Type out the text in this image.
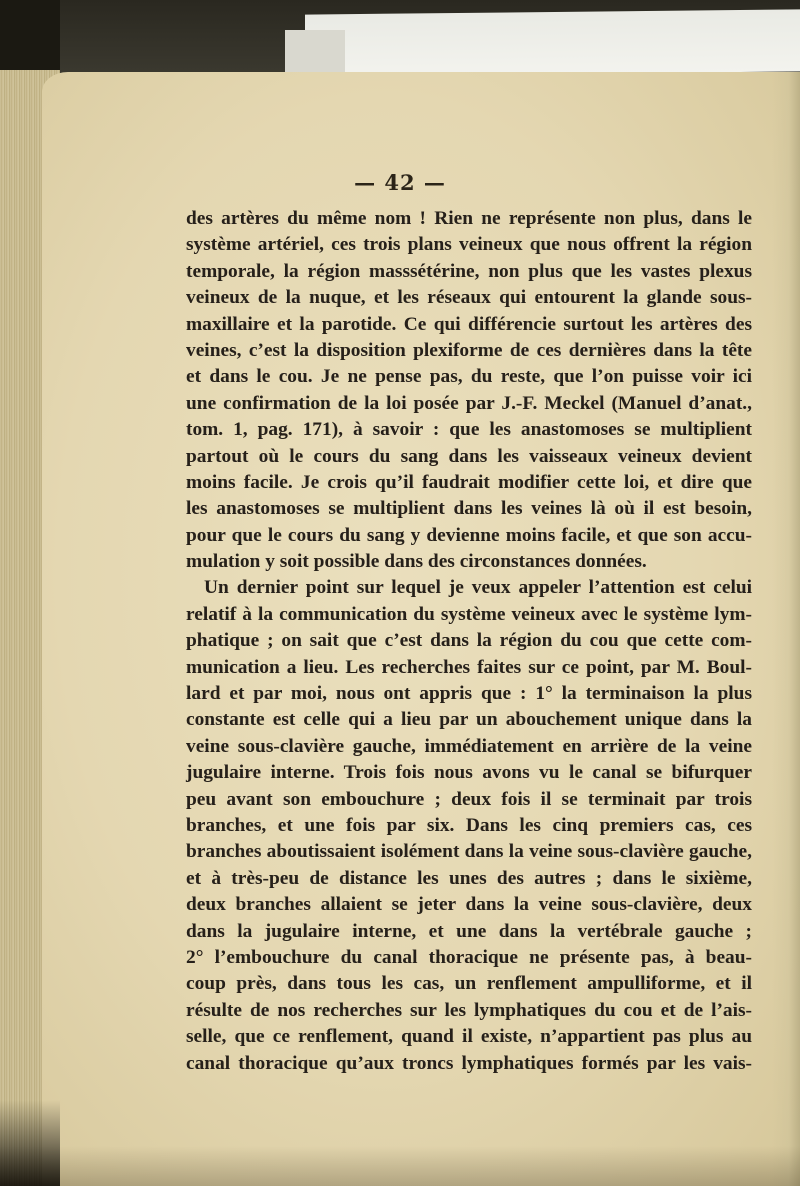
— 42 —
des artères du même nom ! Rien ne représente non plus, dans le
système artériel, ces trois plans veineux que nous offrent la région
temporale, la région masssétérine, non plus que les vastes plexus
veineux de la nuque, et les réseaux qui entourent la glande sous-
maxillaire et la parotide. Ce qui différencie surtout les artères des
veines, c’est la disposition plexiforme de ces dernières dans la tête
et dans le cou. Je ne pense pas, du reste, que l’on puisse voir ici
une confirmation de la loi posée par J.-F. Meckel (Manuel d’anat.,
tom. 1, pag. 171), à savoir : que les anastomoses se multiplient
partout où le cours du sang dans les vaisseaux veineux devient
moins facile. Je crois qu’il faudrait modifier cette loi, et dire que
les anastomoses se multiplient dans les veines là où il est besoin,
pour que le cours du sang y devienne moins facile, et que son accu-
mulation y soit possible dans des circonstances données.
Un dernier point sur lequel je veux appeler l’attention est celui
relatif à la communication du système veineux avec le système lym-
phatique ; on sait que c’est dans la région du cou que cette com-
munication a lieu. Les recherches faites sur ce point, par M. Boul-
lard et par moi, nous ont appris que : 1° la terminaison la plus
constante est celle qui a lieu par un abouchement unique dans la
veine sous-clavière gauche, immédiatement en arrière de la veine
jugulaire interne. Trois fois nous avons vu le canal se bifurquer
peu avant son embouchure ; deux fois il se terminait par trois
branches, et une fois par six. Dans les cinq premiers cas, ces
branches aboutissaient isolément dans la veine sous-clavière gauche,
et à très-peu de distance les unes des autres ; dans le sixième,
deux branches allaient se jeter dans la veine sous-clavière, deux
dans la jugulaire interne, et une dans la vertébrale gauche ;
2° l’embouchure du canal thoracique ne présente pas, à beau-
coup près, dans tous les cas, un renflement ampulliforme, et il
résulte de nos recherches sur les lymphatiques du cou et de l’ais-
selle, que ce renflement, quand il existe, n’appartient pas plus au
canal thoracique qu’aux troncs lymphatiques formés par les vais-
